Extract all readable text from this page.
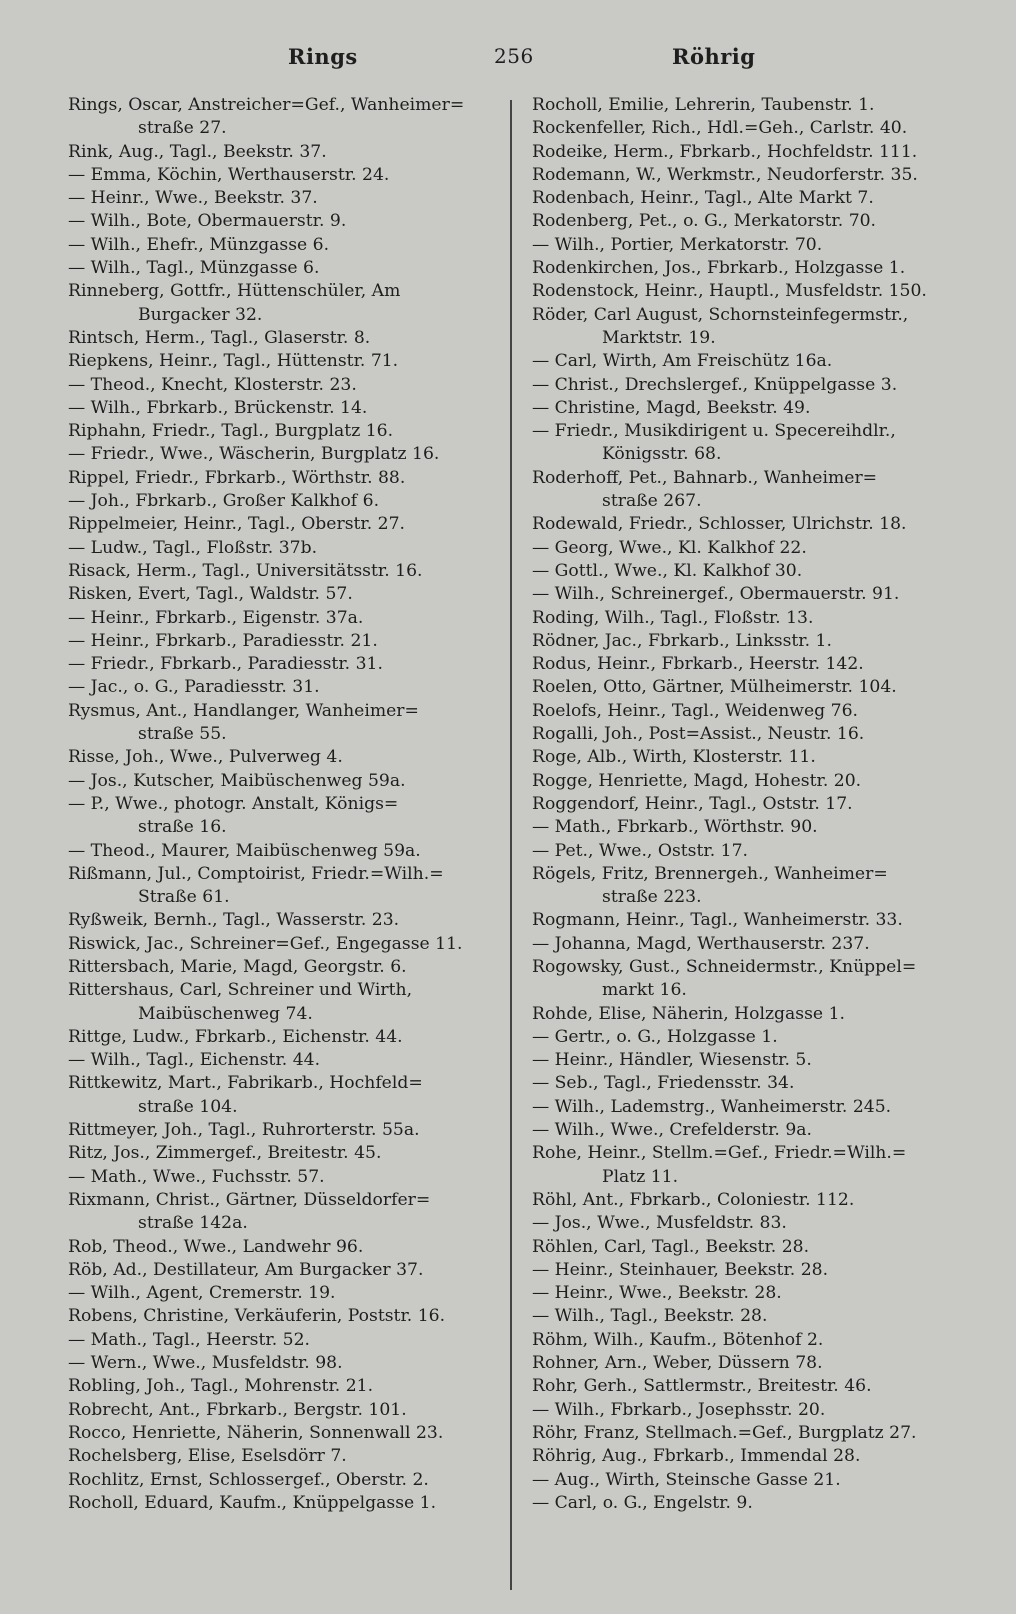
Rings	256	Röhrig
Rings, Oscar, Anstreicher=Gef., Wanheimer=
straße 27.
Rink, Aug., Tagl., Beekstr. 37.
— Emma, Köchin, Werthauserstr. 24.
— Heinr., Wwe., Beekstr. 37.
— Wilh., Bote, Obermauerstr. 9.
— Wilh., Ehefr., Münzgasse 6.
— Wilh., Tagl., Münzgasse 6.
Rinneberg, Gottfr., Hüttenschüler, Am
Burgacker 32.
Rintsch, Herm., Tagl., Glaserstr. 8.
Riepkens, Heinr., Tagl., Hüttenstr. 71.
— Theod., Knecht, Klosterstr. 23.
— Wilh., Fbrkarb., Brückenstr. 14.
Riphahn, Friedr., Tagl., Burgplatz 16.
— Friedr., Wwe., Wäscherin, Burgplatz 16.
Rippel, Friedr., Fbrkarb., Wörthstr. 88.
— Joh., Fbrkarb., Großer Kalkhof 6.
Rippelmeier, Heinr., Tagl., Oberstr. 27.
— Ludw., Tagl., Floßstr. 37b.
Risack, Herm., Tagl., Universitätsstr. 16.
Risken, Evert, Tagl., Waldstr. 57.
— Heinr., Fbrkarb., Eigenstr. 37a.
— Heinr., Fbrkarb., Paradiesstr. 21.
— Friedr., Fbrkarb., Paradiesstr. 31.
— Jac., o. G., Paradiesstr. 31.
Rysmus, Ant., Handlanger, Wanheimer=
straße 55.
Risse, Joh., Wwe., Pulverweg 4.
— Jos., Kutscher, Maibüschenweg 59a.
— P., Wwe., photogr. Anstalt, Königs=
straße 16.
— Theod., Maurer, Maibüschenweg 59a.
Rißmann, Jul., Comptoirist, Friedr.=Wilh.=
Straße 61.
Ryßweik, Bernh., Tagl., Wasserstr. 23.
Riswick, Jac., Schreiner=Gef., Engegasse 11.
Rittersbach, Marie, Magd, Georgstr. 6.
Rittershaus, Carl, Schreiner und Wirth,
Maibüschenweg 74.
Rittge, Ludw., Fbrkarb., Eichenstr. 44.
— Wilh., Tagl., Eichenstr. 44.
Rittkewitz, Mart., Fabrikarb., Hochfeld=
straße 104.
Rittmeyer, Joh., Tagl., Ruhrorterstr. 55a.
Ritz, Jos., Zimmergef., Breitestr. 45.
— Math., Wwe., Fuchsstr. 57.
Rixmann, Christ., Gärtner, Düsseldorfer=
straße 142a.
Rob, Theod., Wwe., Landwehr 96.
Röb, Ad., Destillateur, Am Burgacker 37.
— Wilh., Agent, Cremerstr. 19.
Robens, Christine, Verkäuferin, Poststr. 16.
— Math., Tagl., Heerstr. 52.
— Wern., Wwe., Musfeldstr. 98.
Robling, Joh., Tagl., Mohrenstr. 21.
Robrecht, Ant., Fbrkarb., Bergstr. 101.
Rocco, Henriette, Näherin, Sonnenwall 23.
Rochelsberg, Elise, Eselsdörr 7.
Rochlitz, Ernst, Schlossergef., Oberstr. 2.
Rocholl, Eduard, Kaufm., Knüppelgasse 1.
Rocholl, Emilie, Lehrerin, Taubenstr. 1.
Rockenfeller, Rich., Hdl.=Geh., Carlstr. 40.
Rodeike, Herm., Fbrkarb., Hochfeldstr. 111.
Rodemann, W., Werkmstr., Neudorferstr. 35.
Rodenbach, Heinr., Tagl., Alte Markt 7.
Rodenberg, Pet., o. G., Merkatorstr. 70.
— Wilh., Portier, Merkatorstr. 70.
Rodenkirchen, Jos., Fbrkarb., Holzgasse 1.
Rodenstock, Heinr., Hauptl., Musfeldstr. 150.
Röder, Carl August, Schornsteinfegermstr.,
Marktstr. 19.
— Carl, Wirth, Am Freischütz 16a.
— Christ., Drechslergef., Knüppelgasse 3.
— Christine, Magd, Beekstr. 49.
— Friedr., Musikdirigent u. Specereihdlr.,
Königsstr. 68.
Roderhoff, Pet., Bahnarb., Wanheimer=
straße 267.
Rodewald, Friedr., Schlosser, Ulrichstr. 18.
— Georg, Wwe., Kl. Kalkhof 22.
— Gottl., Wwe., Kl. Kalkhof 30.
— Wilh., Schreinergef., Obermauerstr. 91.
Roding, Wilh., Tagl., Floßstr. 13.
Rödner, Jac., Fbrkarb., Linksstr. 1.
Rodus, Heinr., Fbrkarb., Heerstr. 142.
Roelen, Otto, Gärtner, Mülheimerstr. 104.
Roelofs, Heinr., Tagl., Weidenweg 76.
Rogalli, Joh., Post=Assist., Neustr. 16.
Roge, Alb., Wirth, Klosterstr. 11.
Rogge, Henriette, Magd, Hohestr. 20.
Roggendorf, Heinr., Tagl., Oststr. 17.
— Math., Fbrkarb., Wörthstr. 90.
— Pet., Wwe., Oststr. 17.
Rögels, Fritz, Brennergeh., Wanheimer=
straße 223.
Rogmann, Heinr., Tagl., Wanheimerstr. 33.
— Johanna, Magd, Werthauserstr. 237.
Rogowsky, Gust., Schneidermstr., Knüppel=
markt 16.
Rohde, Elise, Näherin, Holzgasse 1.
— Gertr., o. G., Holzgasse 1.
— Heinr., Händler, Wiesenstr. 5.
— Seb., Tagl., Friedensstr. 34.
— Wilh., Lademstrg., Wanheimerstr. 245.
— Wilh., Wwe., Crefelderstr. 9a.
Rohe, Heinr., Stellm.=Gef., Friedr.=Wilh.=
Platz 11.
Röhl, Ant., Fbrkarb., Coloniestr. 112.
— Jos., Wwe., Musfeldstr. 83.
Röhlen, Carl, Tagl., Beekstr. 28.
— Heinr., Steinhauer, Beekstr. 28.
— Heinr., Wwe., Beekstr. 28.
— Wilh., Tagl., Beekstr. 28.
Röhm, Wilh., Kaufm., Bötenhof 2.
Rohner, Arn., Weber, Düssern 78.
Rohr, Gerh., Sattlermstr., Breitestr. 46.
— Wilh., Fbrkarb., Josephsstr. 20.
Röhr, Franz, Stellmach.=Gef., Burgplatz 27.
Röhrig, Aug., Fbrkarb., Immendal 28.
— Aug., Wirth, Steinsche Gasse 21.
— Carl, o. G., Engelstr. 9.
